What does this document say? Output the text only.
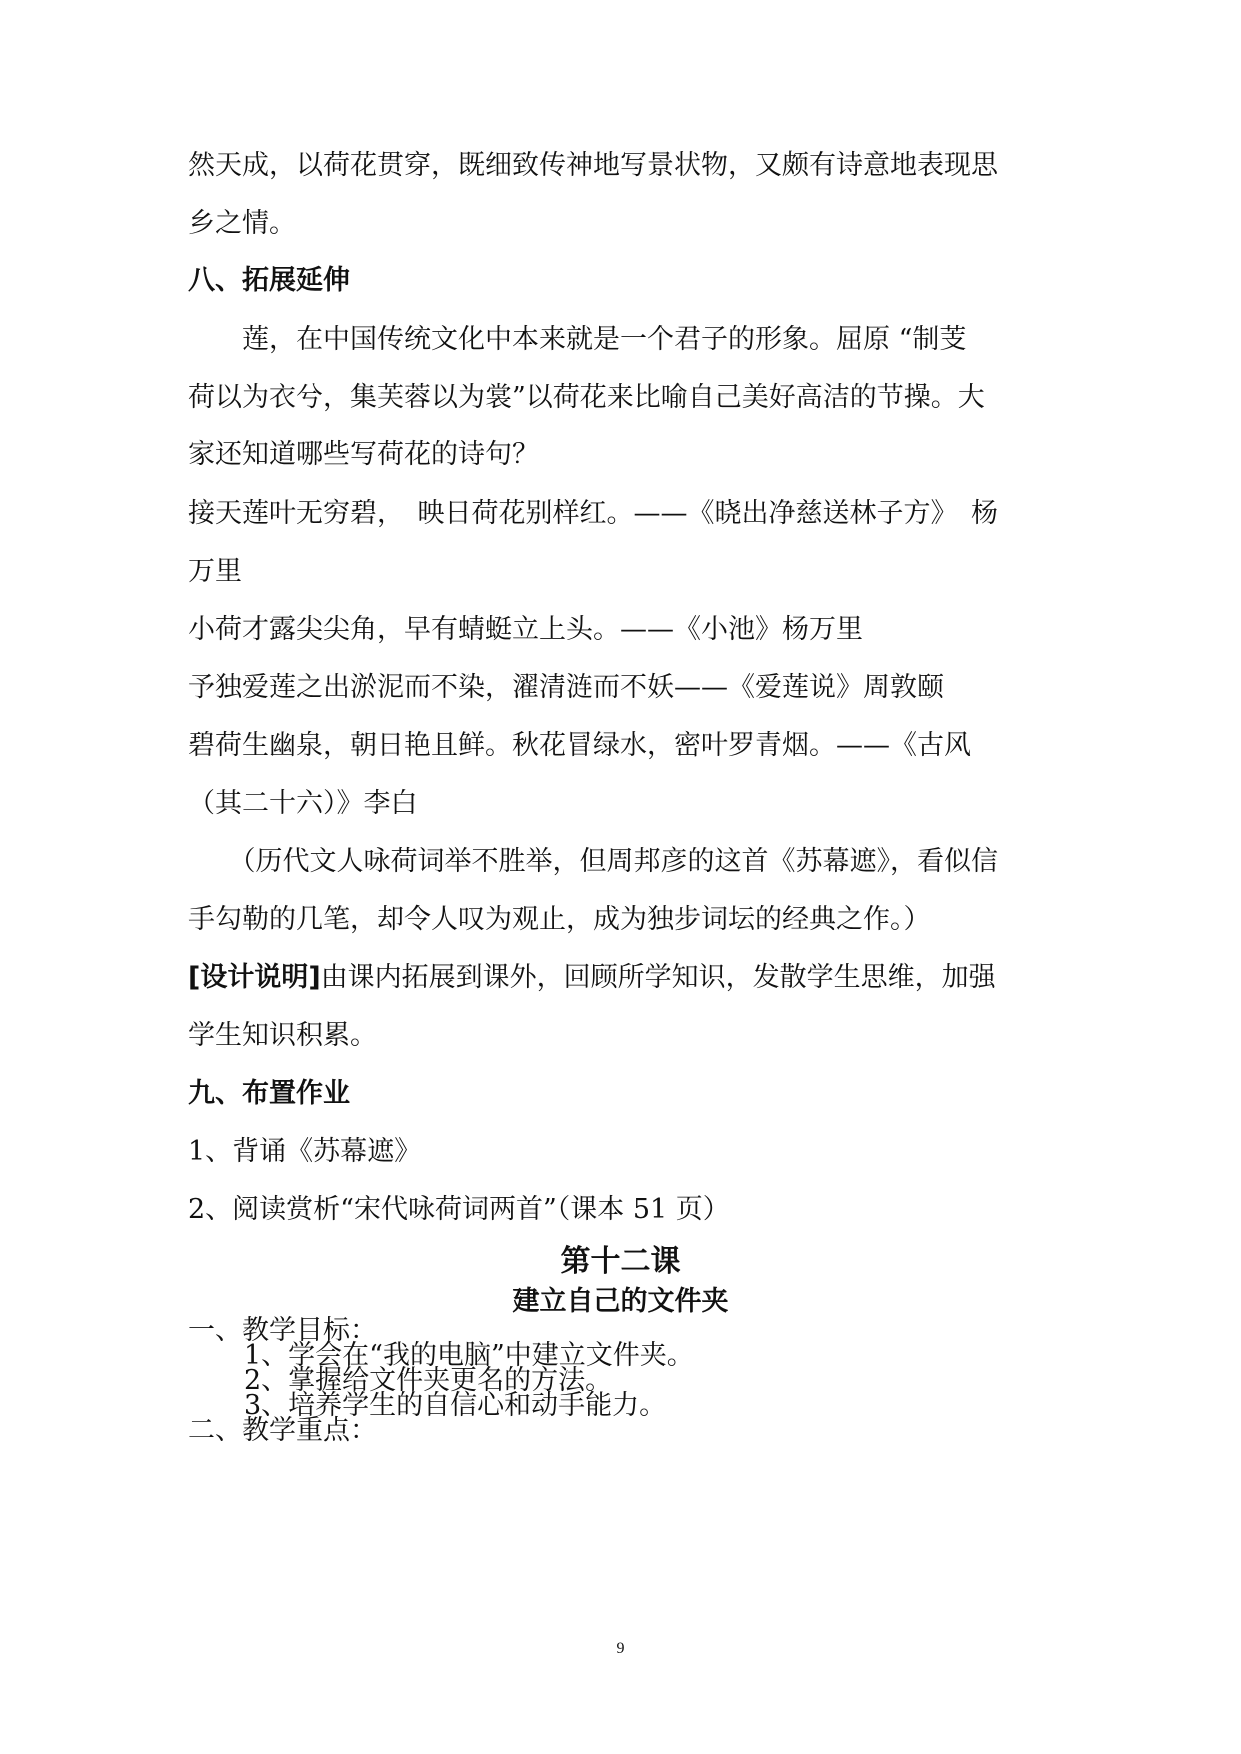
然天成，以荷花贯穿，既细致传神地写景状物，又颇有诗意地表现思
乡之情。
八、拓展延伸
　　莲，在中国传统文化中本来就是一个君子的形象。屈原 “制芰
荷以为衣兮，集芙蓉以为裳”以荷花来比喻自己美好高洁的节操。大
家还知道哪些写荷花的诗句？
接天莲叶无穷碧，　映日荷花别样红。——《晓出净慈送林子方》　杨
万里
小荷才露尖尖角，早有蜻蜓立上头。——《小池》杨万里
予独爱莲之出淤泥而不染，濯清涟而不妖——《爱莲说》周敦颐
碧荷生幽泉，朝日艳且鲜。秋花冒绿水，密叶罗青烟。——《古风
（其二十六）》李白
　　（历代文人咏荷词举不胜举，但周邦彦的这首《苏幕遮》，看似信
手勾勒的几笔，却令人叹为观止，成为独步词坛的经典之作。）
[设计说明]由课内拓展到课外，回顾所学知识，发散学生思维，加强
学生知识积累。
九、布置作业
1、背诵《苏幕遮》
2、阅读赏析“宋代咏荷词两首”（课本 51 页）
第十二课
建立自己的文件夹
一、教学目标：
1、学会在“我的电脑”中建立文件夹。
2、掌握给文件夹更名的方法。
3、培养学生的自信心和动手能力。
二、教学重点：
9
